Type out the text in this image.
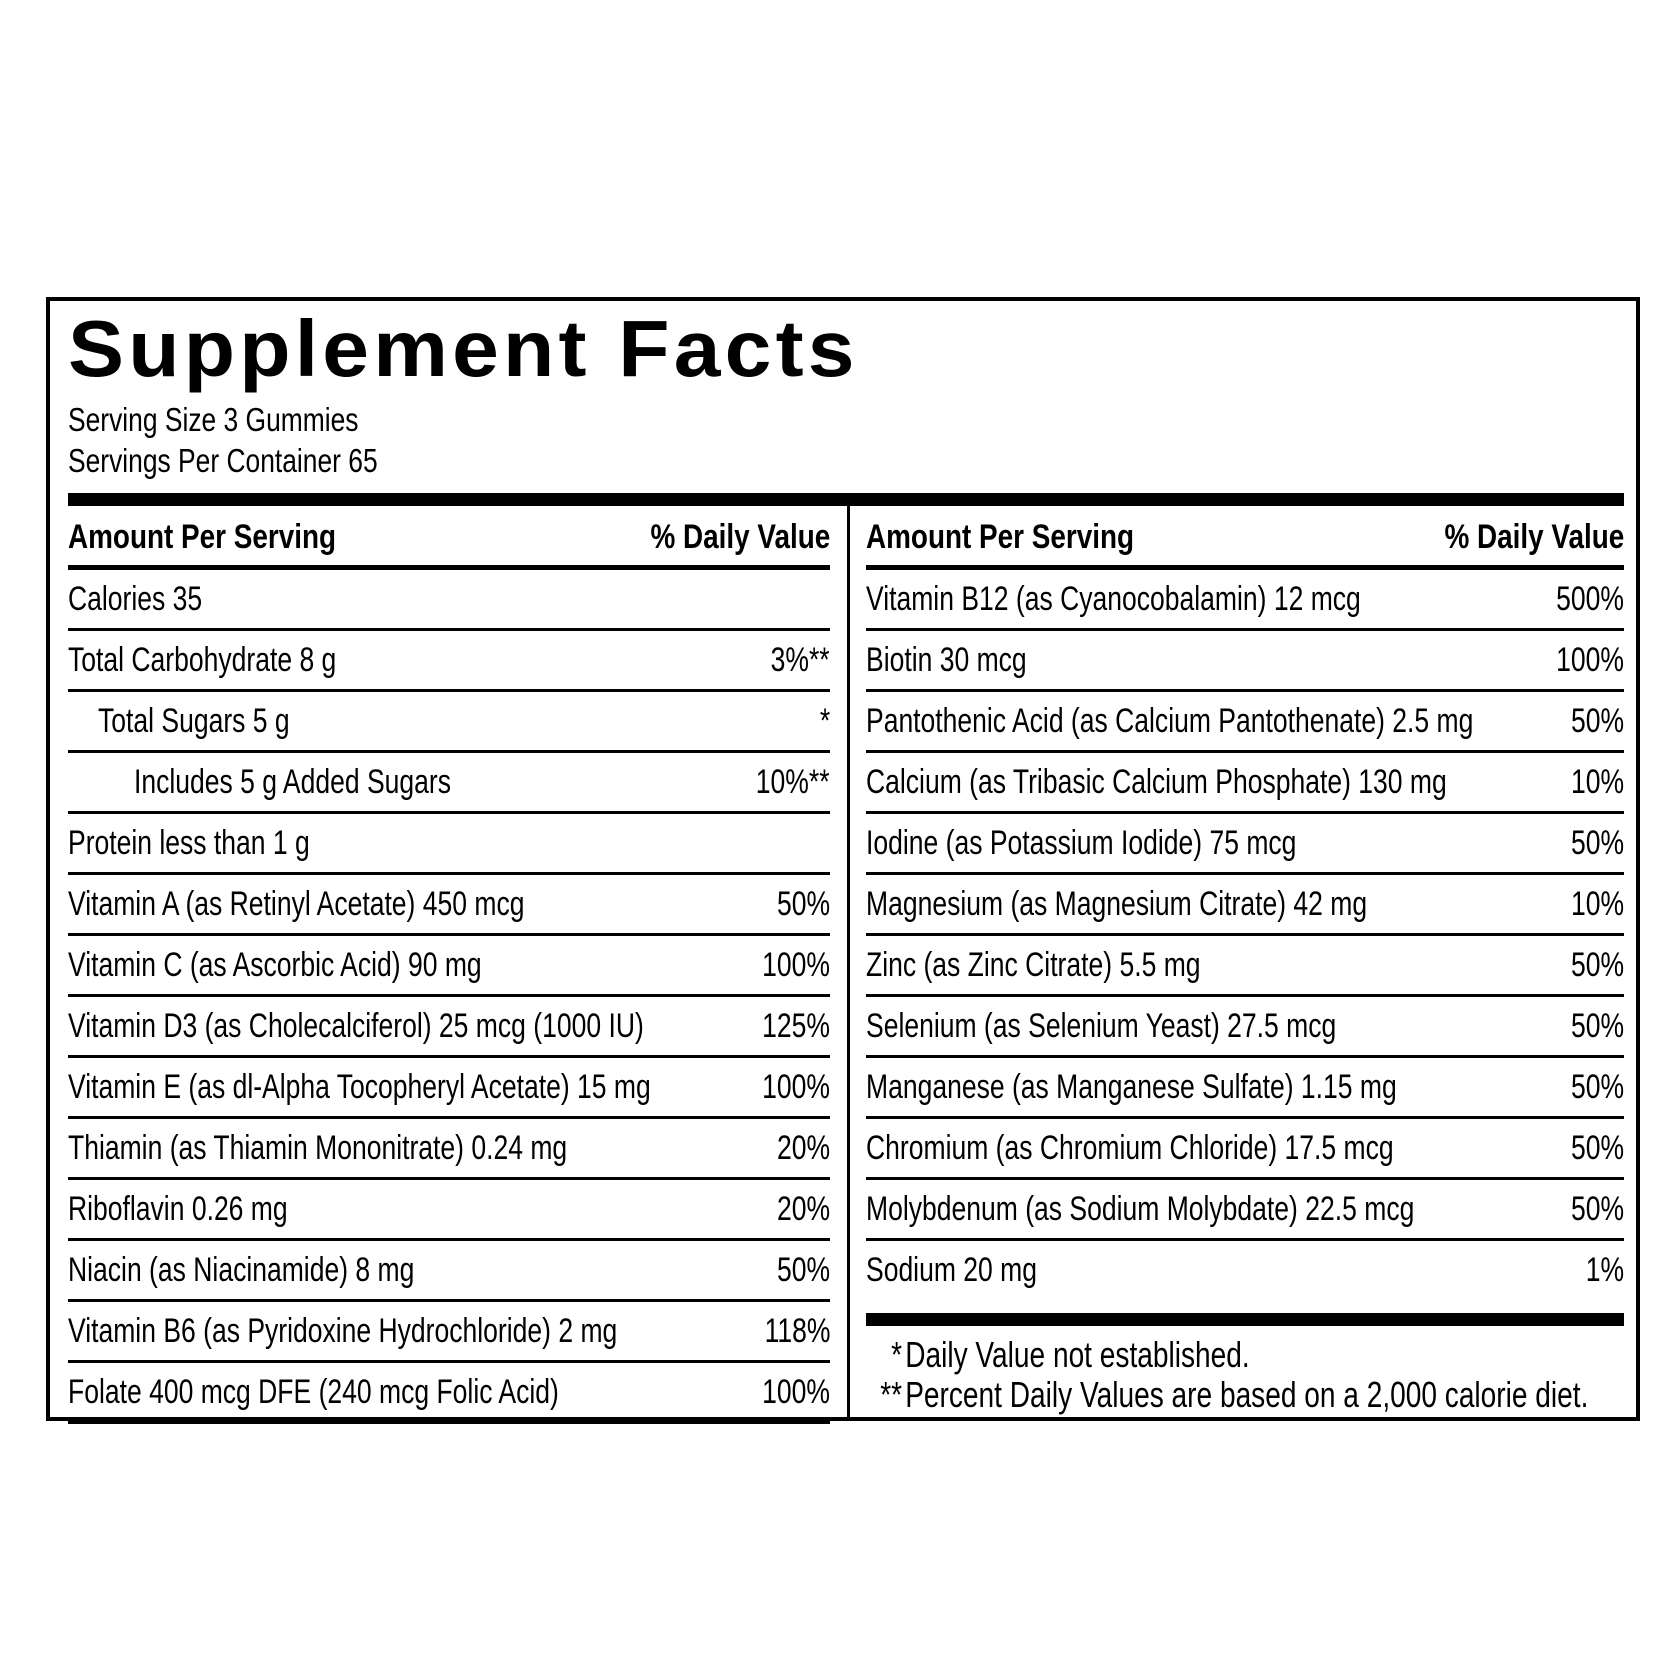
Supplement Facts
Serving Size 3 Gummies
Servings Per Container 65
Amount Per Serving	% Daily Value
Calories 35
Total Carbohydrate 8 g	3%**
Total Sugars 5 g	*
Includes 5 g Added Sugars	10%**
Protein less than 1 g
Vitamin A (as Retinyl Acetate) 450 mcg	50%
Vitamin C (as Ascorbic Acid) 90 mg	100%
Vitamin D3 (as Cholecalciferol) 25 mcg (1000 IU)	125%
Vitamin E (as dl-Alpha Tocopheryl Acetate) 15 mg	100%
Thiamin (as Thiamin Mononitrate) 0.24 mg	20%
Riboflavin 0.26 mg	20%
Niacin (as Niacinamide) 8 mg	50%
Vitamin B6 (as Pyridoxine Hydrochloride) 2 mg	118%
Folate 400 mcg DFE (240 mcg Folic Acid)	100%
Amount Per Serving	% Daily Value
Vitamin B12 (as Cyanocobalamin) 12 mcg	500%
Biotin 30 mcg	100%
Pantothenic Acid (as Calcium Pantothenate) 2.5 mg	50%
Calcium (as Tribasic Calcium Phosphate) 130 mg	10%
Iodine (as Potassium Iodide) 75 mcg	50%
Magnesium (as Magnesium Citrate) 42 mg	10%
Zinc (as Zinc Citrate) 5.5 mg	50%
Selenium (as Selenium Yeast) 27.5 mcg	50%
Manganese (as Manganese Sulfate) 1.15 mg	50%
Chromium (as Chromium Chloride) 17.5 mcg	50%
Molybdenum (as Sodium Molybdate) 22.5 mcg	50%
Sodium 20 mg	1%
*Daily Value not established.
**Percent Daily Values are based on a 2,000 calorie diet.
